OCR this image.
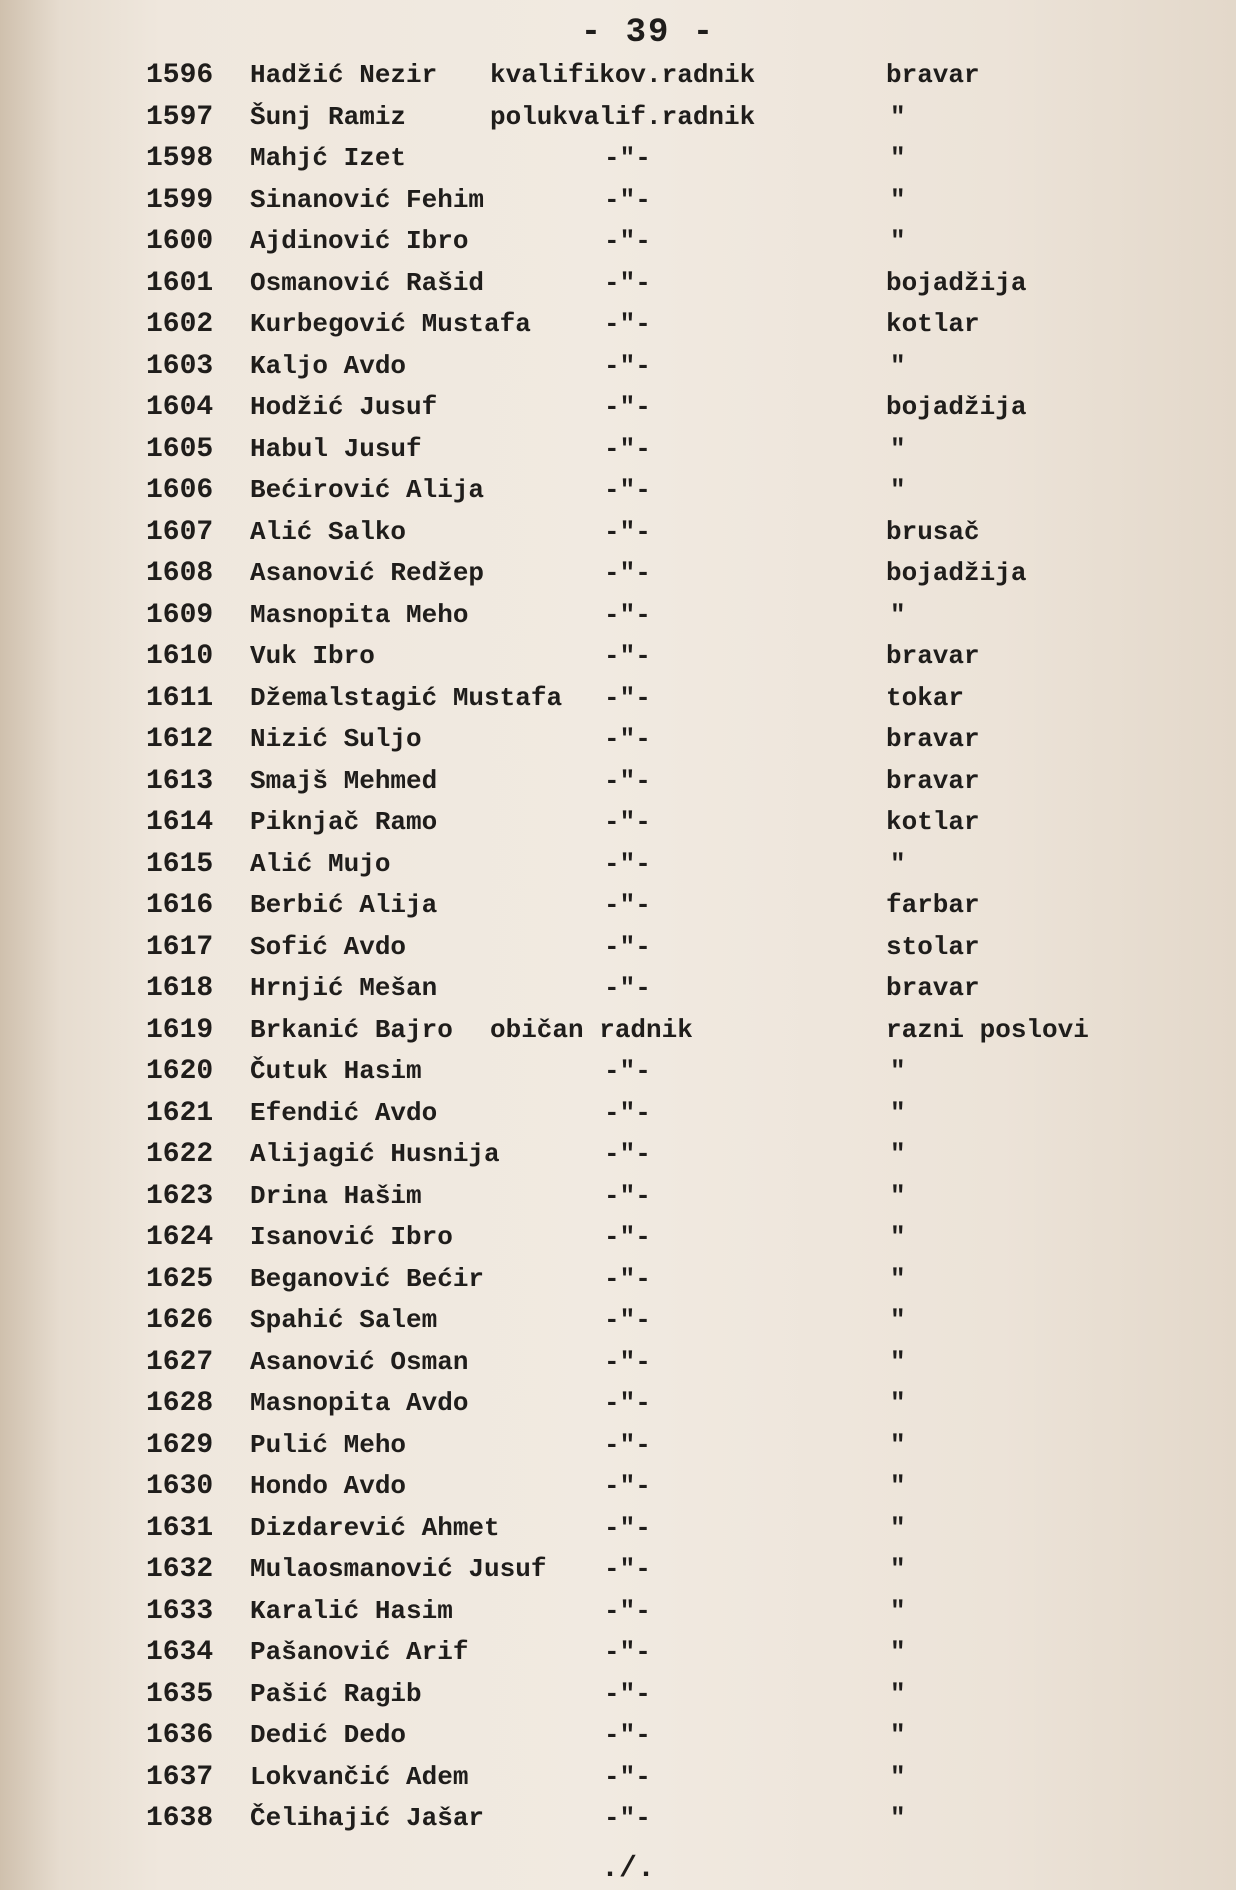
- 39 -
1596	Hadžić Nezir	kvalifikov.radnik	bravar
1597	Šunj Ramiz	polukvalif.radnik	"
1598	Mahjć Izet	-"-	"
1599	Sinanović Fehim	-"-	"
1600	Ajdinović Ibro	-"-	"
1601	Osmanović Rašid	-"-	bojadžija
1602	Kurbegović Mustafa	-"-	kotlar
1603	Kaljo Avdo	-"-	"
1604	Hodžić Jusuf	-"-	bojadžija
1605	Habul Jusuf	-"-	"
1606	Bećirović Alija	-"-	"
1607	Alić Salko	-"-	brusač
1608	Asanović Redžep	-"-	bojadžija
1609	Masnopita Meho	-"-	"
1610	Vuk Ibro	-"-	bravar
1611	Džemalstagić Mustafa	-"-	tokar
1612	Nizić Suljo	-"-	bravar
1613	Smajš Mehmed	-"-	bravar
1614	Piknjač Ramo	-"-	kotlar
1615	Alić Mujo	-"-	"
1616	Berbić Alija	-"-	farbar
1617	Sofić Avdo	-"-	stolar
1618	Hrnjić Mešan	-"-	bravar
1619	Brkanić Bajro	običan radnik	razni poslovi
1620	Čutuk Hasim	-"-	"
1621	Efendić Avdo	-"-	"
1622	Alijagić Husnija	-"-	"
1623	Drina Hašim	-"-	"
1624	Isanović Ibro	-"-	"
1625	Beganović Bećir	-"-	"
1626	Spahić Salem	-"-	"
1627	Asanović Osman	-"-	"
1628	Masnopita Avdo	-"-	"
1629	Pulić Meho	-"-	"
1630	Hondo Avdo	-"-	"
1631	Dizdarević Ahmet	-"-	"
1632	Mulaosmanović Jusuf	-"-	"
1633	Karalić Hasim	-"-	"
1634	Pašanović Arif	-"-	"
1635	Pašić Ragib	-"-	"
1636	Dedić Dedo	-"-	"
1637	Lokvančić Adem	-"-	"
1638	Čelihajić Jašar	-"-	"
./.
